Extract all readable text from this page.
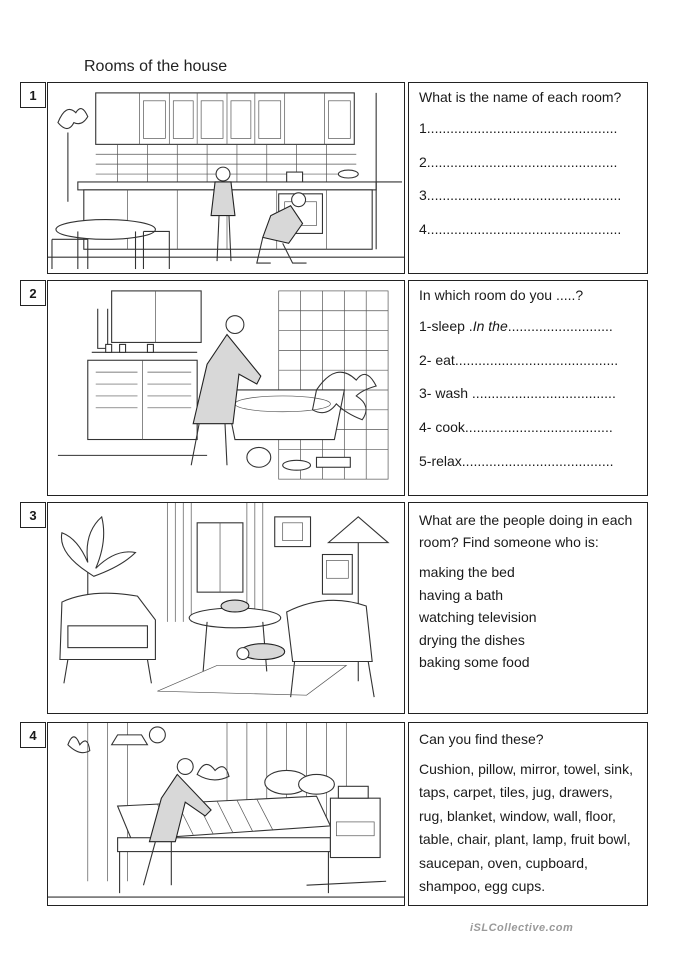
Rooms of the house
1	What is the name of each room?
1.................................................
2.................................................
3..................................................
4..................................................
2	In which room do you .....?
1-sleep .In the...........................
2- eat..........................................
3- wash .....................................
4- cook......................................
5-relax.......................................
3	What are the people doing in each room? Find someone who is:
making the bed
having a bath
watching television
drying the dishes
baking some food
4	Can you find these?
Cushion, pillow, mirror, towel, sink, taps, carpet, tiles, jug, drawers, rug, blanket, window, wall, floor, table, chair, plant, lamp, fruit bowl, saucepan, oven, cupboard, shampoo, egg cups.
iSLCollective.com
